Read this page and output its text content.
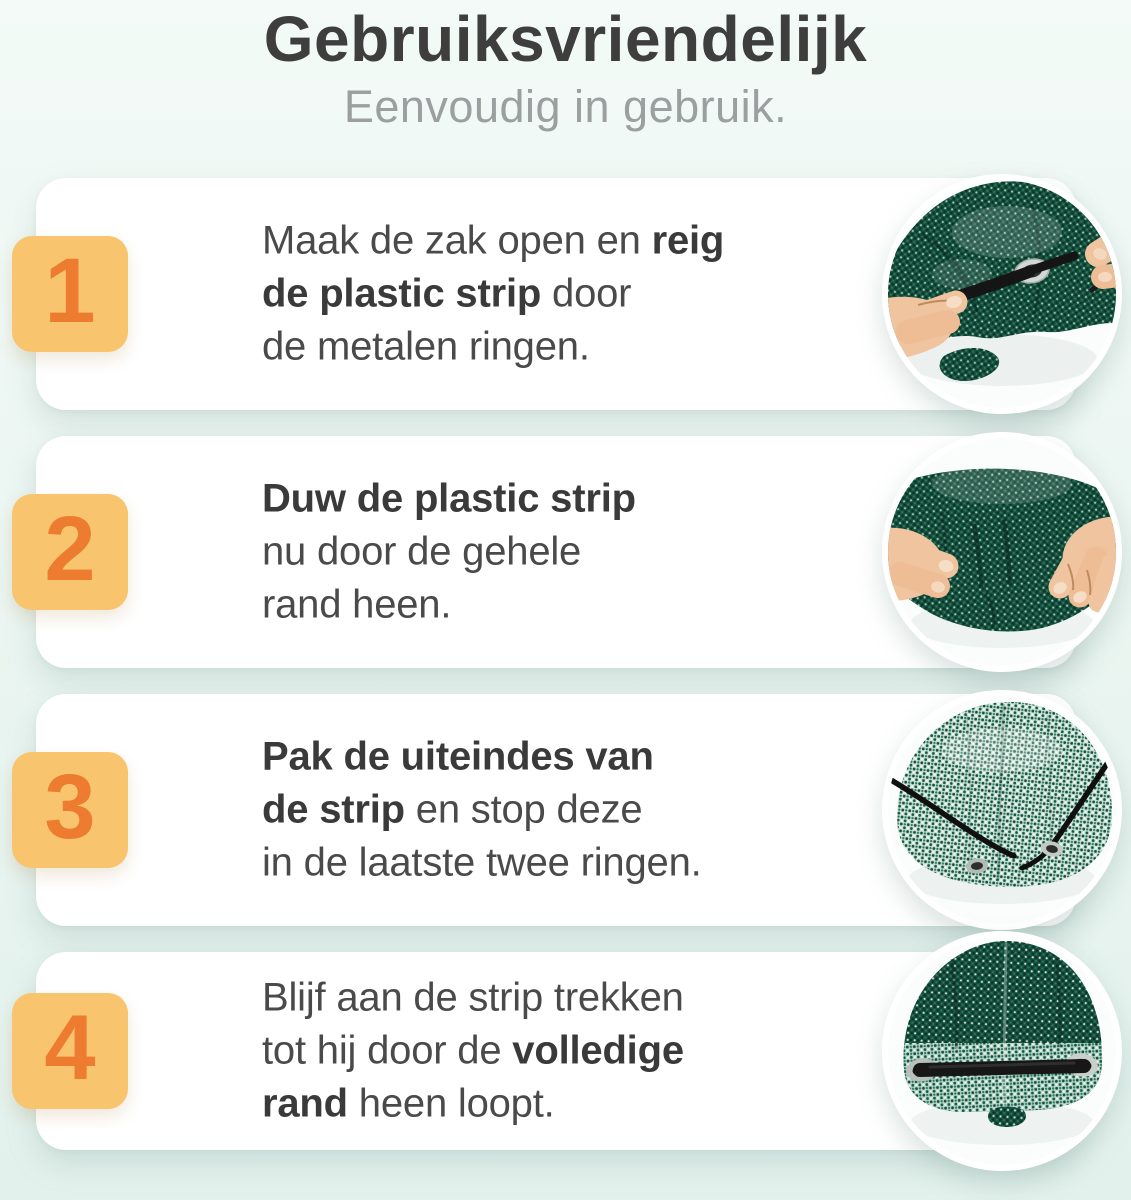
Gebruiksvriendelijk

Eenvoudig in gebruik.

1	Maak de zak open en reig
de plastic strip door
de metalen ringen.
2	Duw de plastic strip
nu door de gehele
rand heen.
3	Pak de uiteindes van
de strip en stop deze
in de laatste twee ringen.
4	Blijf aan de strip trekken
tot hij door de volledige
rand heen loopt.
